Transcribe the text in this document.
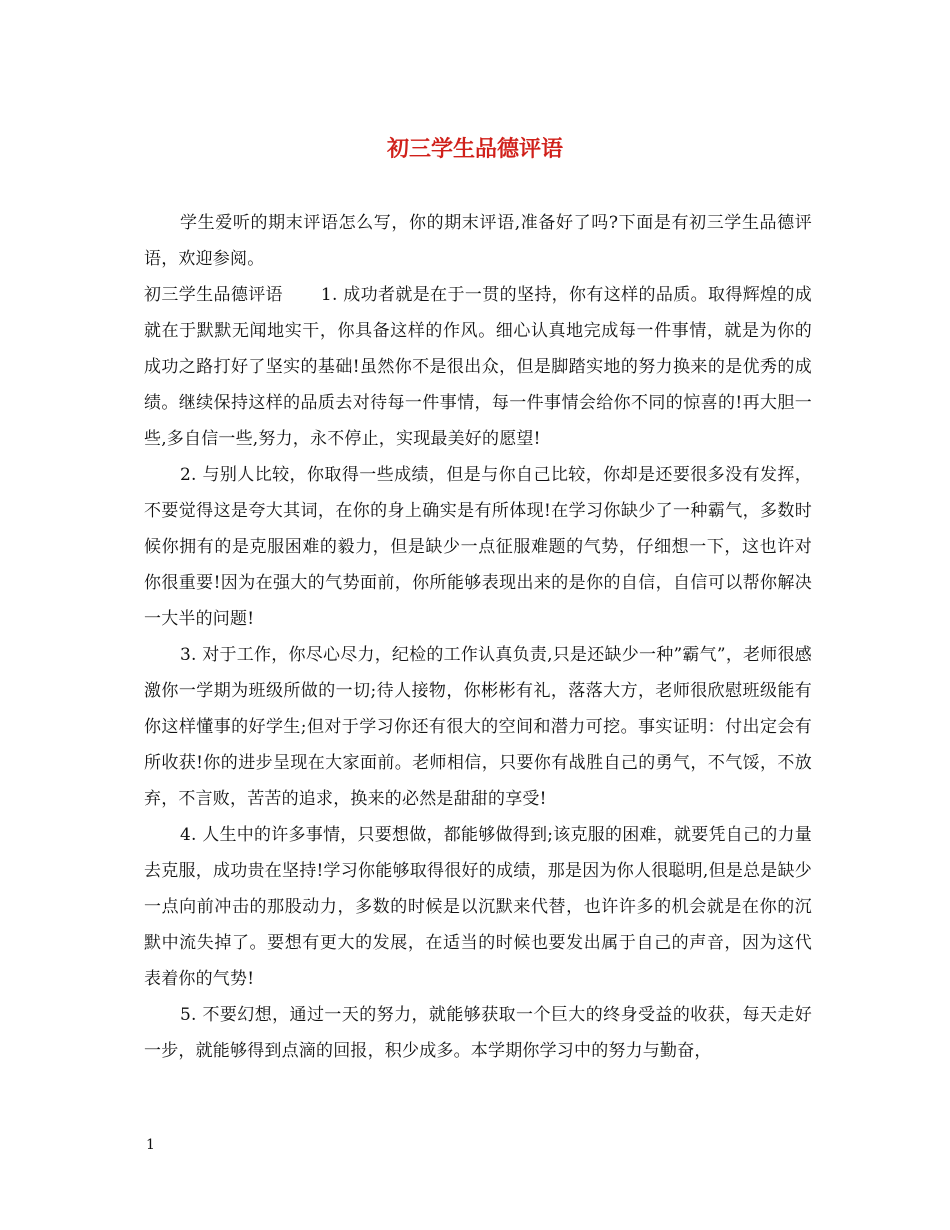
初三学生品德评语

学生爱听的期末评语怎么写，你的期末评语,准备好了吗?下面是有初三学生品德评语，欢迎参阅。

初三学生品德评语 1. 成功者就是在于一贯的坚持，你有这样的品质。取得辉煌的成就在于默默无闻地实干，你具备这样的作风。细心认真地完成每一件事情，就是为你的成功之路打好了坚实的基础!虽然你不是很出众，但是脚踏实地的努力换来的是优秀的成绩。继续保持这样的品质去对待每一件事情，每一件事情会给你不同的惊喜的!再大胆一些,多自信一些,努力，永不停止，实现最美好的愿望!

2. 与别人比较，你取得一些成绩，但是与你自己比较，你却是还要很多没有发挥，不要觉得这是夸大其词，在你的身上确实是有所体现!在学习你缺少了一种霸气，多数时候你拥有的是克服困难的毅力，但是缺少一点征服难题的气势，仔细想一下，这也许对你很重要!因为在强大的气势面前，你所能够表现出来的是你的自信，自信可以帮你解决一大半的问题!

3. 对于工作，你尽心尽力，纪检的工作认真负责,只是还缺少一种”霸气”，老师很感激你一学期为班级所做的一切;待人接物，你彬彬有礼，落落大方，老师很欣慰班级能有你这样懂事的好学生;但对于学习你还有很大的空间和潜力可挖。事实证明：付出定会有所收获!你的进步呈现在大家面前。老师相信，只要你有战胜自己的勇气，不气馁，不放弃，不言败，苦苦的追求，换来的必然是甜甜的享受!

4. 人生中的许多事情，只要想做，都能够做得到;该克服的困难，就要凭自己的力量去克服，成功贵在坚持!学习你能够取得很好的成绩，那是因为你人很聪明,但是总是缺少一点向前冲击的那股动力，多数的时候是以沉默来代替，也许许多的机会就是在你的沉默中流失掉了。要想有更大的发展，在适当的时候也要发出属于自己的声音，因为这代表着你的气势!

5. 不要幻想，通过一天的努力，就能够获取一个巨大的终身受益的收获，每天走好一步，就能够得到点滴的回报，积少成多。本学期你学习中的努力与勤奋，

1
